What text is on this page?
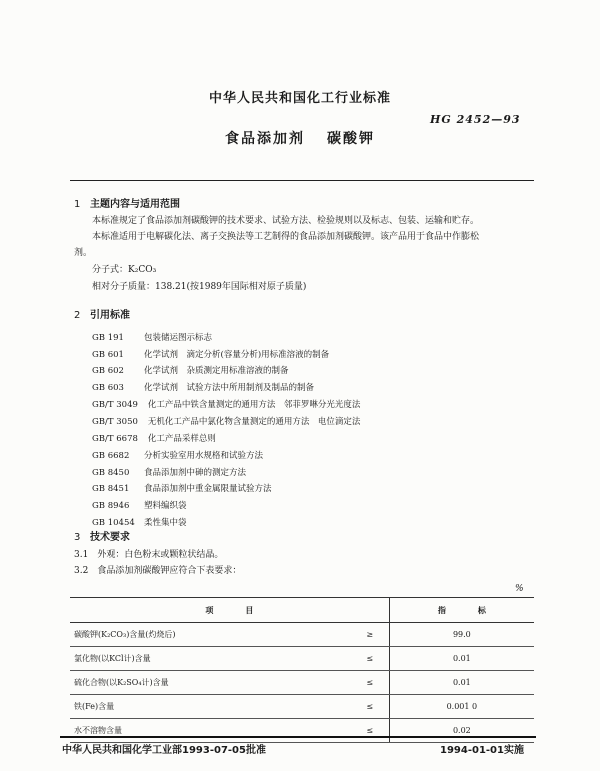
中华人民共和国化工行业标准
HG 2452—93
食品添加剂 碳酸钾
1 主题内容与适用范围
本标准规定了食品添加剂碳酸钾的技术要求、试验方法、检验规则以及标志、包装、运输和贮存。
本标准适用于电解碳化法、离子交换法等工艺制得的食品添加剂碳酸钾。该产品用于食品中作膨松
剂。
分子式：K₂CO₃
相对分子质量：138.21(按1989年国际相对原子质量)
2 引用标准
GB 191 包装储运图示标志
GB 601 化学试剂　滴定分析(容量分析)用标准溶液的制备
GB 602 化学试剂　杂质测定用标准溶液的制备
GB 603 化学试剂　试验方法中所用制剂及制品的制备
GB/T 3049 化工产品中铁含量测定的通用方法　邻菲罗啉分光光度法
GB/T 3050 无机化工产品中氯化物含量测定的通用方法　电位滴定法
GB/T 6678 化工产品采样总则
GB 6682 分析实验室用水规格和试验方法
GB 8450 食品添加剂中砷的测定方法
GB 8451 食品添加剂中重金属限量试验方法
GB 8946 塑料编织袋
GB 10454 柔性集中袋
3 技术要求
3.1　外观：白色粉末或颗粒状结晶。
3.2　食品添加剂碳酸钾应符合下表要求：
%
项　　　　目		指　　　　标
碳酸钾(K₂CO₃)含量(灼烧后)	≥	99.0
氯化物(以KCl计)含量	≤	0.01
硫化合物(以K₂SO₄计)含量	≤	0.01
铁(Fe)含量	≤	0.001 0
水不溶物含量	≤	0.02
中华人民共和国化学工业部1993-07-05批准	1994-01-01实施
